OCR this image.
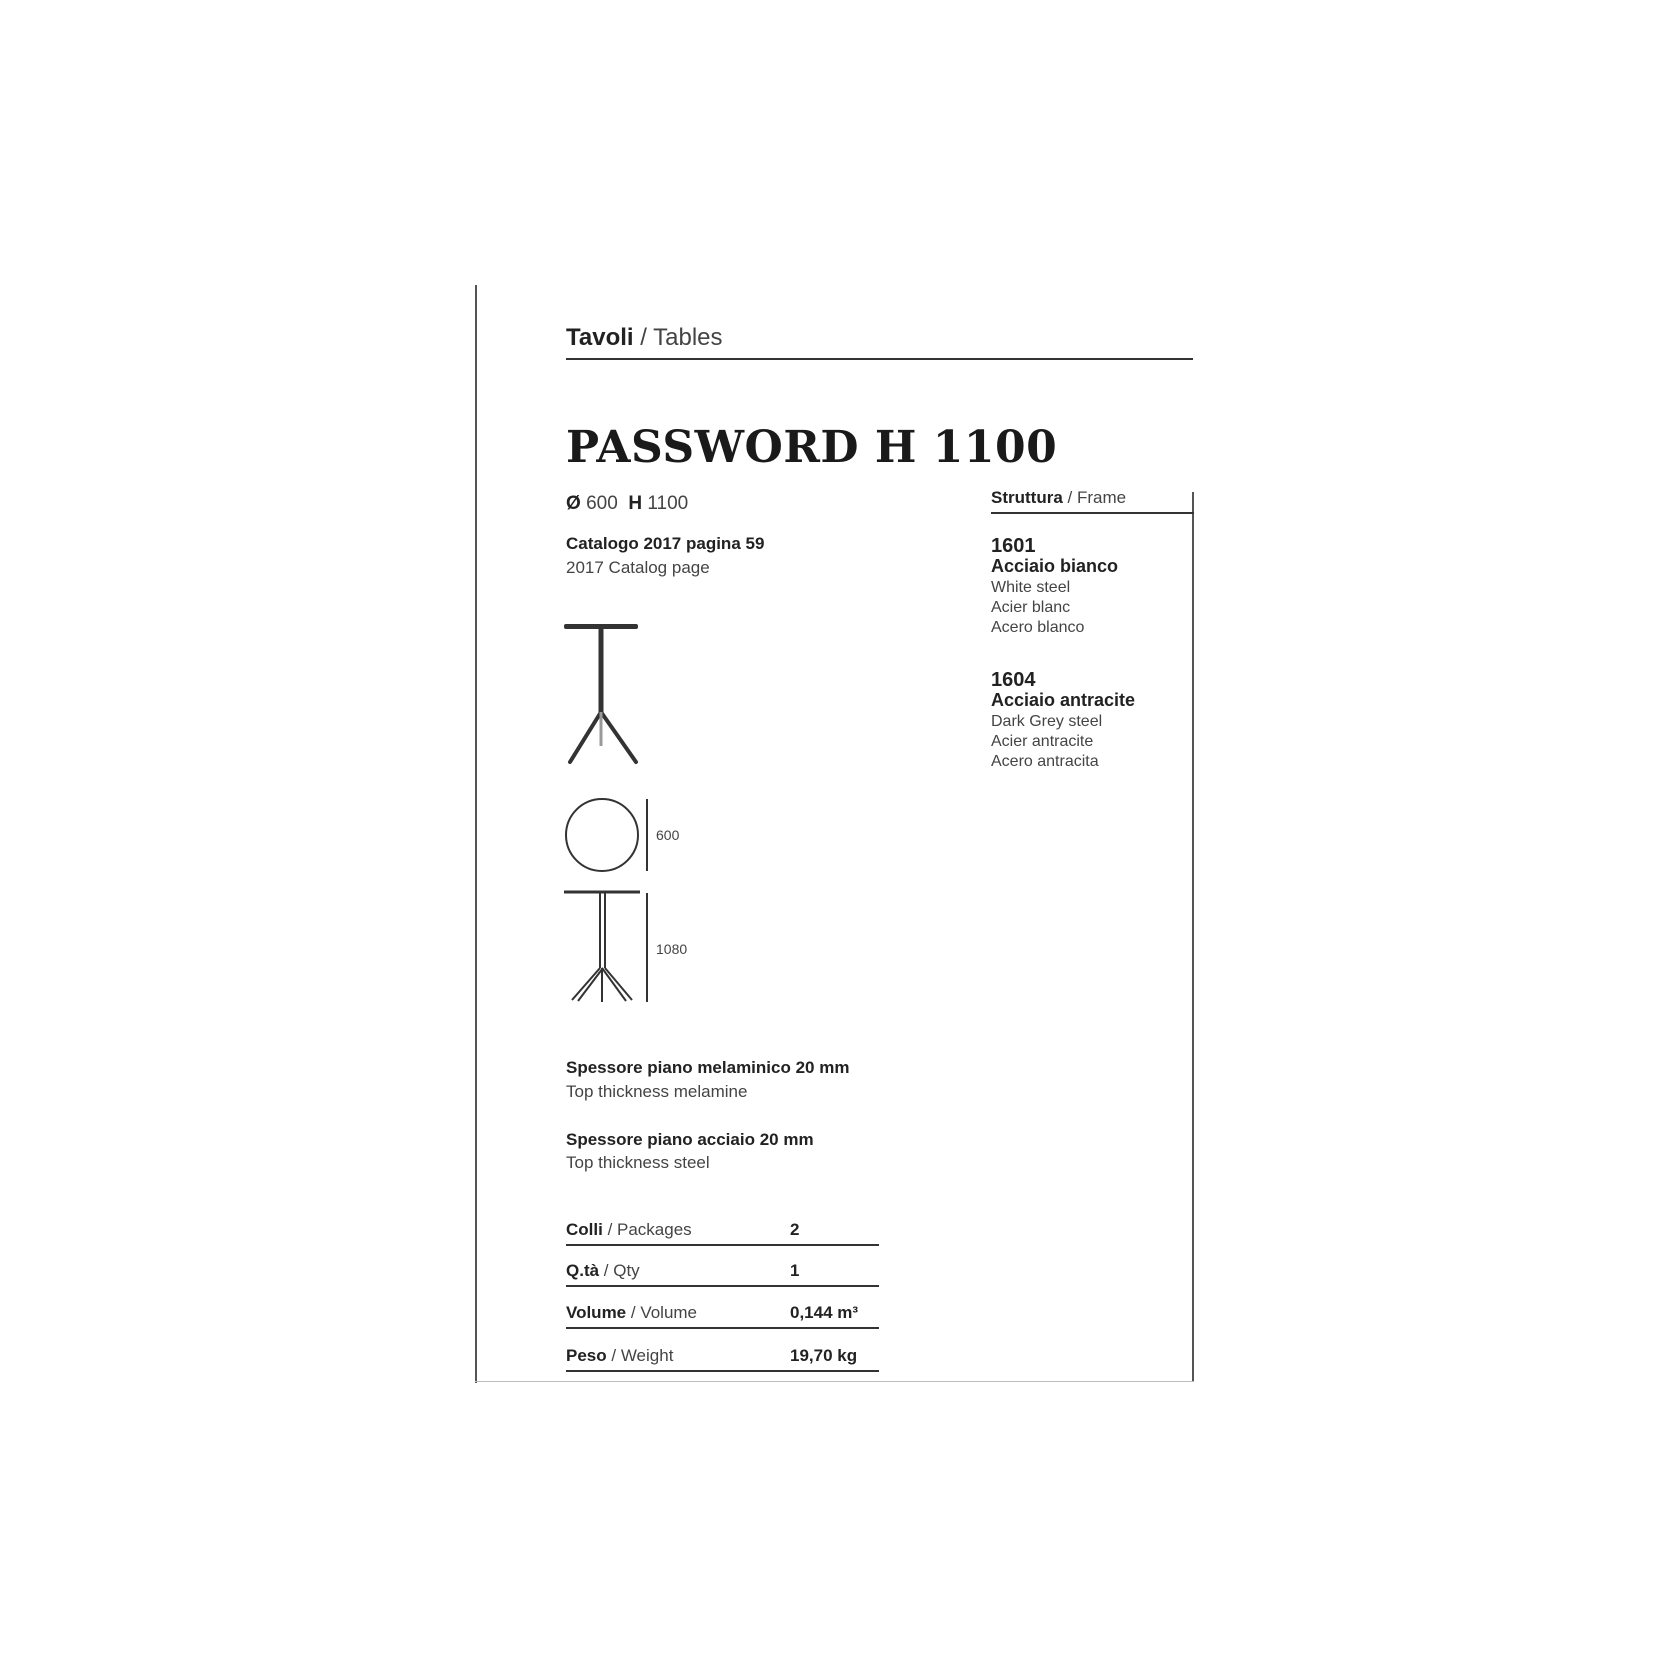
Tavoli / Tables
PASSWORD H 1100
Ø 600 H 1100
Catalogo 2017 pagina 59
2017 Catalog page
600
1080
Spessore piano melaminico 20 mm
Top thickness melamine
Spessore piano acciaio 20 mm
Top thickness steel
Colli / Packages	2
Q.tà / Qty	1
Volume / Volume	0,144 m³
Peso / Weight	19,70 kg
Struttura / Frame
1601
Acciaio bianco
White steel
Acier blanc
Acero blanco
1604
Acciaio antracite
Dark Grey steel
Acier antracite
Acero antracita
